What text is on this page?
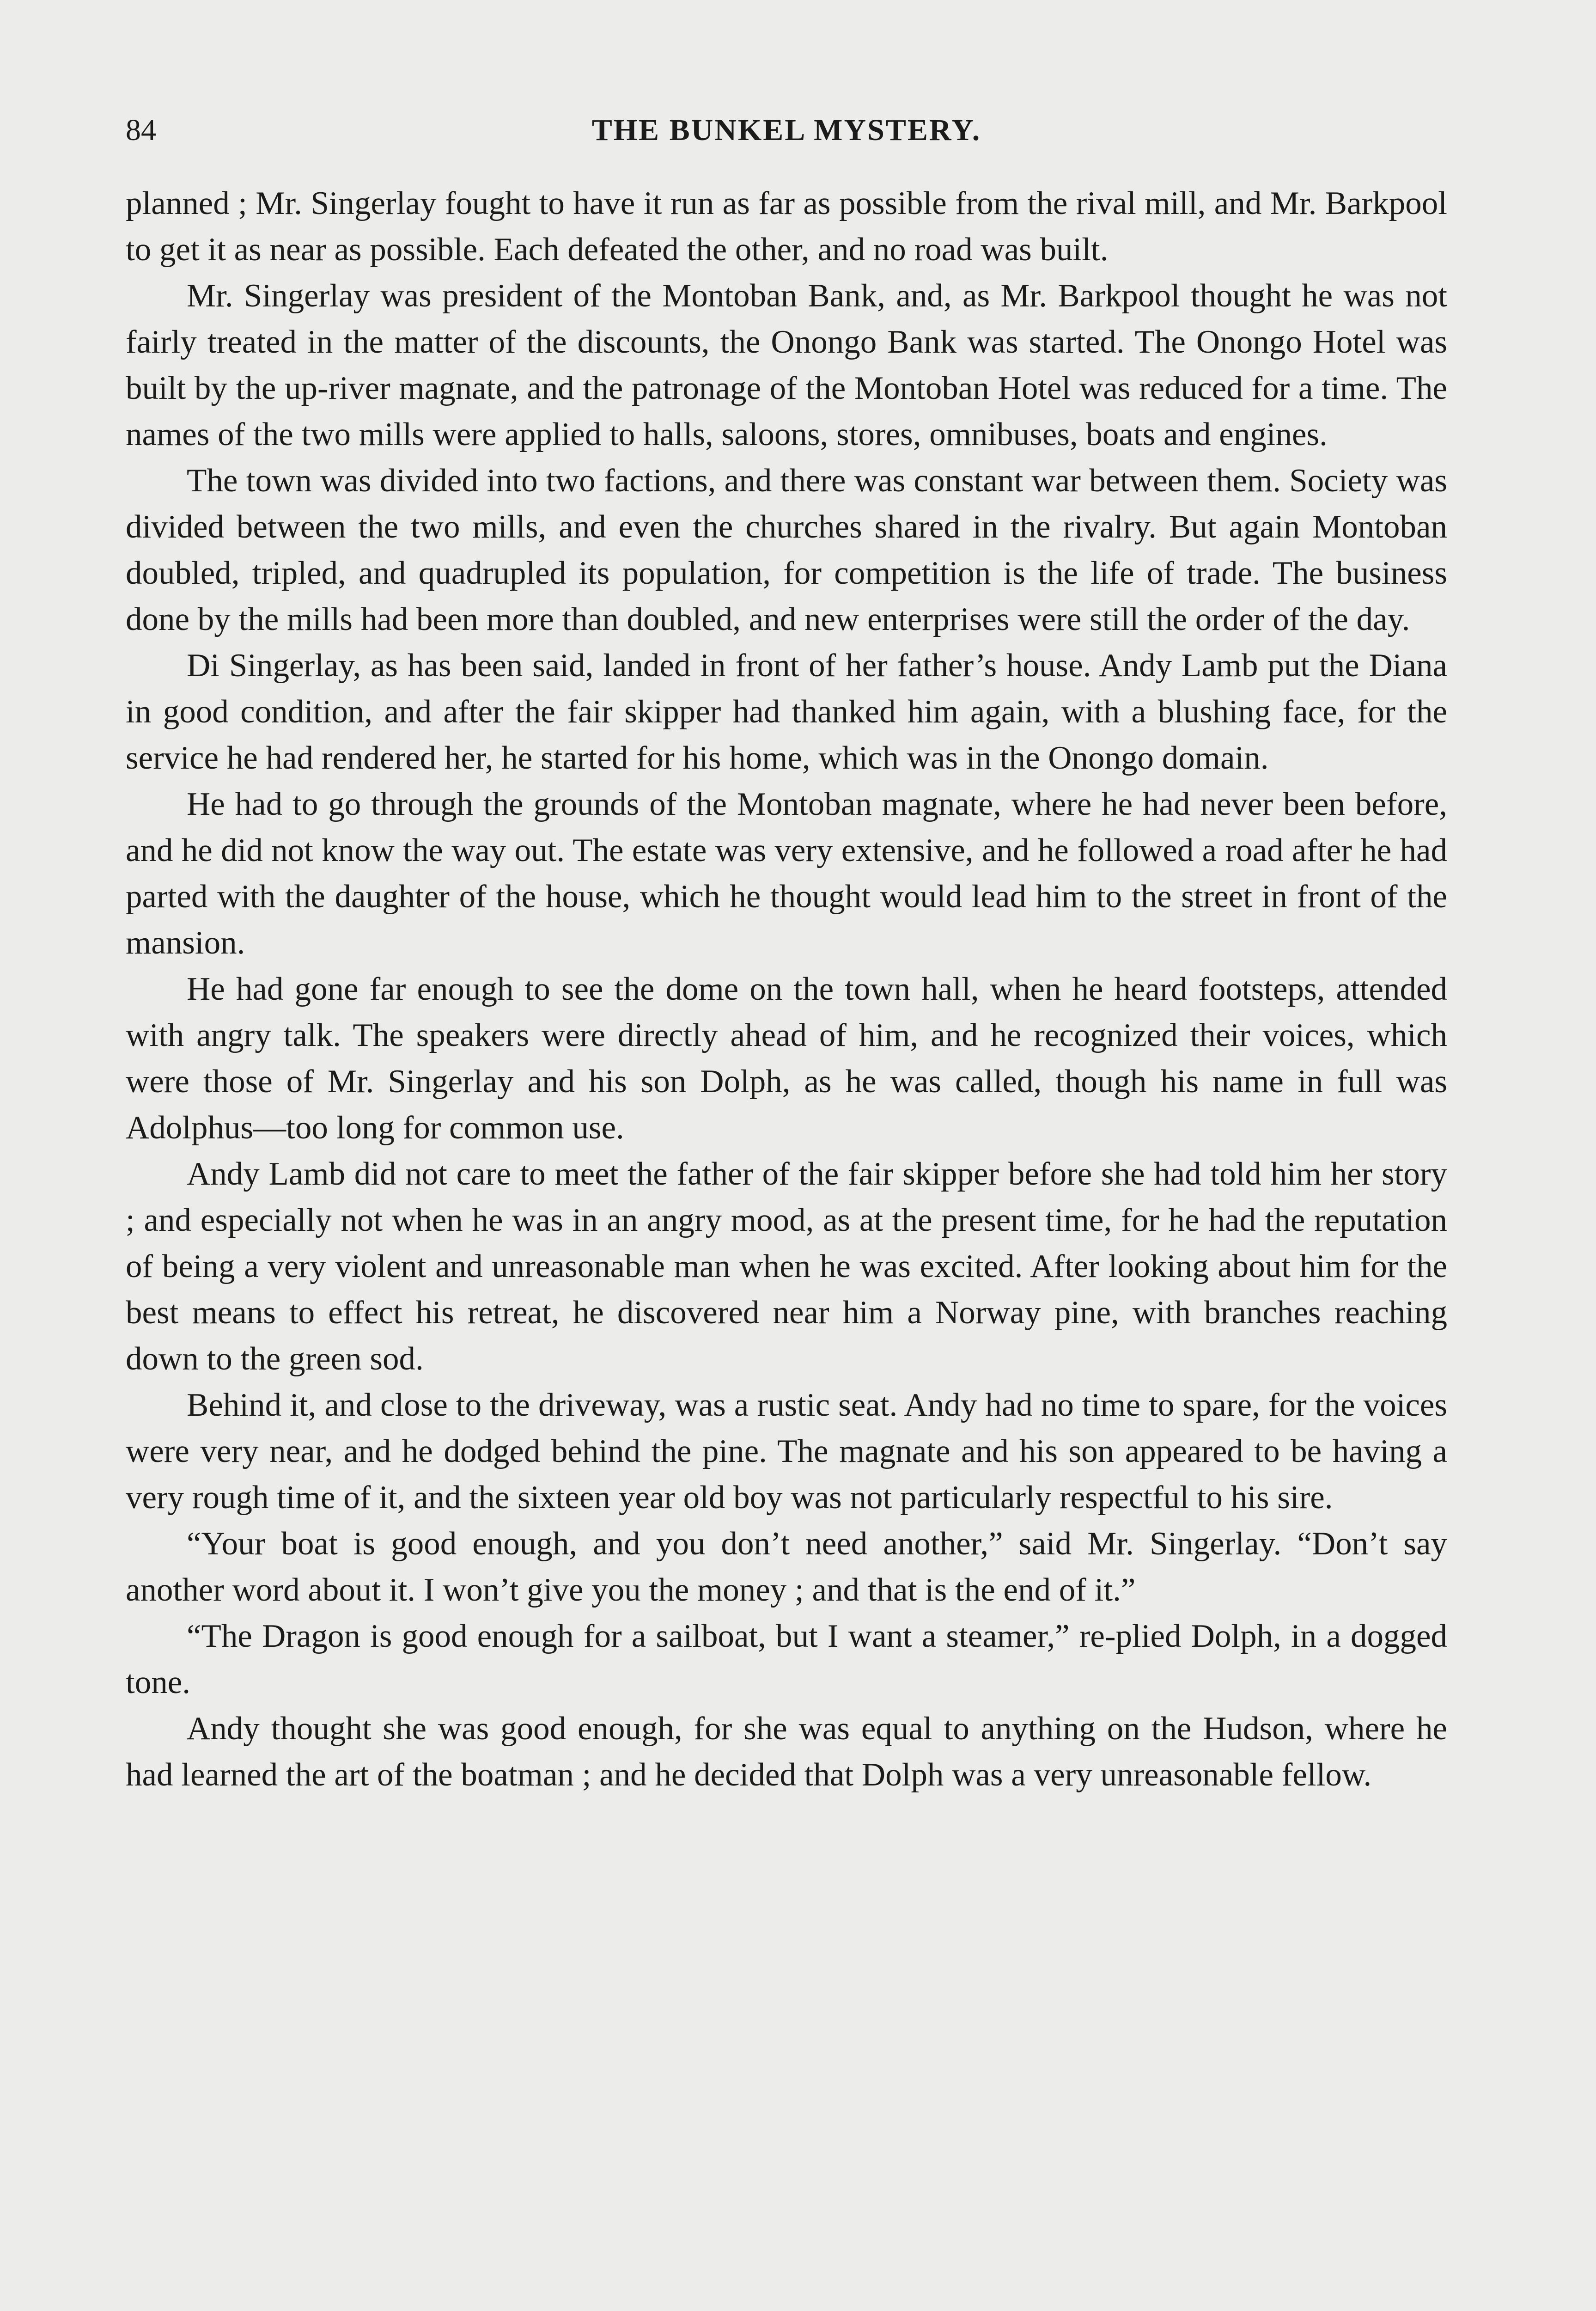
84	THE BUNKEL MYSTERY.

planned ; Mr. Singerlay fought to have it run as far as possible from the rival mill, and Mr. Barkpool to get it as near as possible. Each defeated the other, and no road was built.

Mr. Singerlay was president of the Montoban Bank, and, as Mr. Barkpool thought he was not fairly treated in the matter of the discounts, the Onongo Bank was started. The Onongo Hotel was built by the up-river magnate, and the patronage of the Montoban Hotel was reduced for a time. The names of the two mills were applied to halls, saloons, stores, omnibuses, boats and engines.

The town was divided into two factions, and there was constant war between them. Society was divided between the two mills, and even the churches shared in the rivalry. But again Montoban doubled, tripled, and quadrupled its population, for competition is the life of trade. The business done by the mills had been more than doubled, and new enterprises were still the order of the day.

Di Singerlay, as has been said, landed in front of her father’s house. Andy Lamb put the Diana in good condition, and after the fair skipper had thanked him again, with a blushing face, for the service he had rendered her, he started for his home, which was in the Onongo domain.

He had to go through the grounds of the Montoban magnate, where he had never been before, and he did not know the way out. The estate was very extensive, and he followed a road after he had parted with the daughter of the house, which he thought would lead him to the street in front of the mansion.

He had gone far enough to see the dome on the town hall, when he heard footsteps, attended with angry talk. The speakers were directly ahead of him, and he recognized their voices, which were those of Mr. Singerlay and his son Dolph, as he was called, though his name in full was Adolphus—too long for common use.

Andy Lamb did not care to meet the father of the fair skipper before she had told him her story ; and especially not when he was in an angry mood, as at the present time, for he had the reputation of being a very violent and unreasonable man when he was excited. After looking about him for the best means to effect his retreat, he discovered near him a Norway pine, with branches reaching down to the green sod.

Behind it, and close to the driveway, was a rustic seat. Andy had no time to spare, for the voices were very near, and he dodged behind the pine. The magnate and his son appeared to be having a very rough time of it, and the sixteen year old boy was not particularly respectful to his sire.

“Your boat is good enough, and you don’t need another,” said Mr. Singerlay. “Don’t say another word about it. I won’t give you the money ; and that is the end of it.”

“The Dragon is good enough for a sailboat, but I want a steamer,” re-plied Dolph, in a dogged tone.

Andy thought she was good enough, for she was equal to anything on the Hudson, where he had learned the art of the boatman ; and he decided that Dolph was a very unreasonable fellow.
